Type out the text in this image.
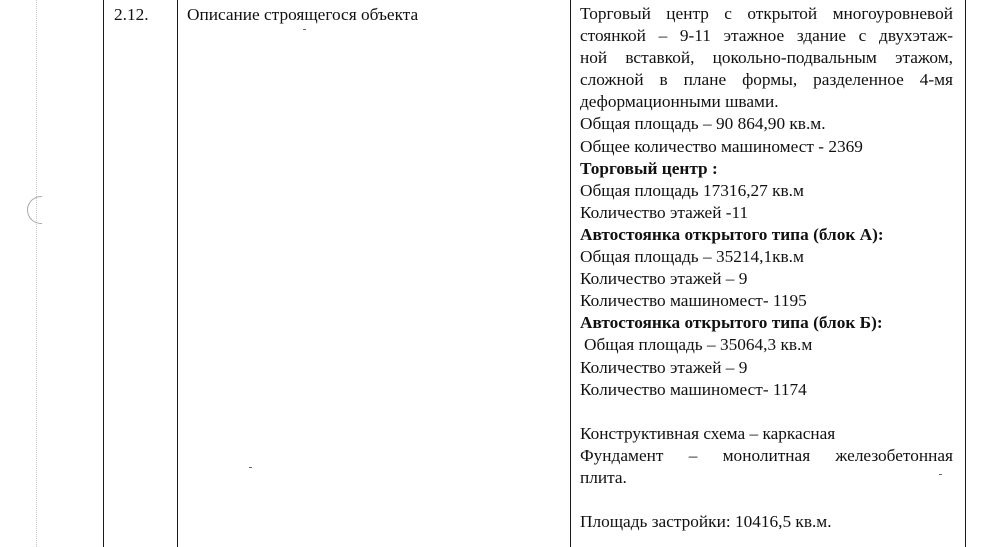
2.12. Описание строящегося объекта	Торговый центр с открытой многоуровневой
стоянкой – 9-11 этажное здание с двухэтаж-
ной вставкой, цокольно-подвальным этажом,
сложной в плане формы, разделенное 4-мя
деформационными швами.
Общая площадь – 90 864,90 кв.м.
Общее количество машиномест - 2369
Торговый центр :
Общая площадь 17316,27 кв.м
Количество этажей -11
Автостоянка открытого типа (блок А):
Общая площадь – 35214,1кв.м
Количество этажей – 9
Количество машиномест- 1195
Автостоянка открытого типа (блок Б):
Общая площадь – 35064,3 кв.м
Количество этажей – 9
Количество машиномест- 1174
Конструктивная схема – каркасная
Фундамент – монолитная железобетонная
плита.
Площадь застройки: 10416,5 кв.м.
